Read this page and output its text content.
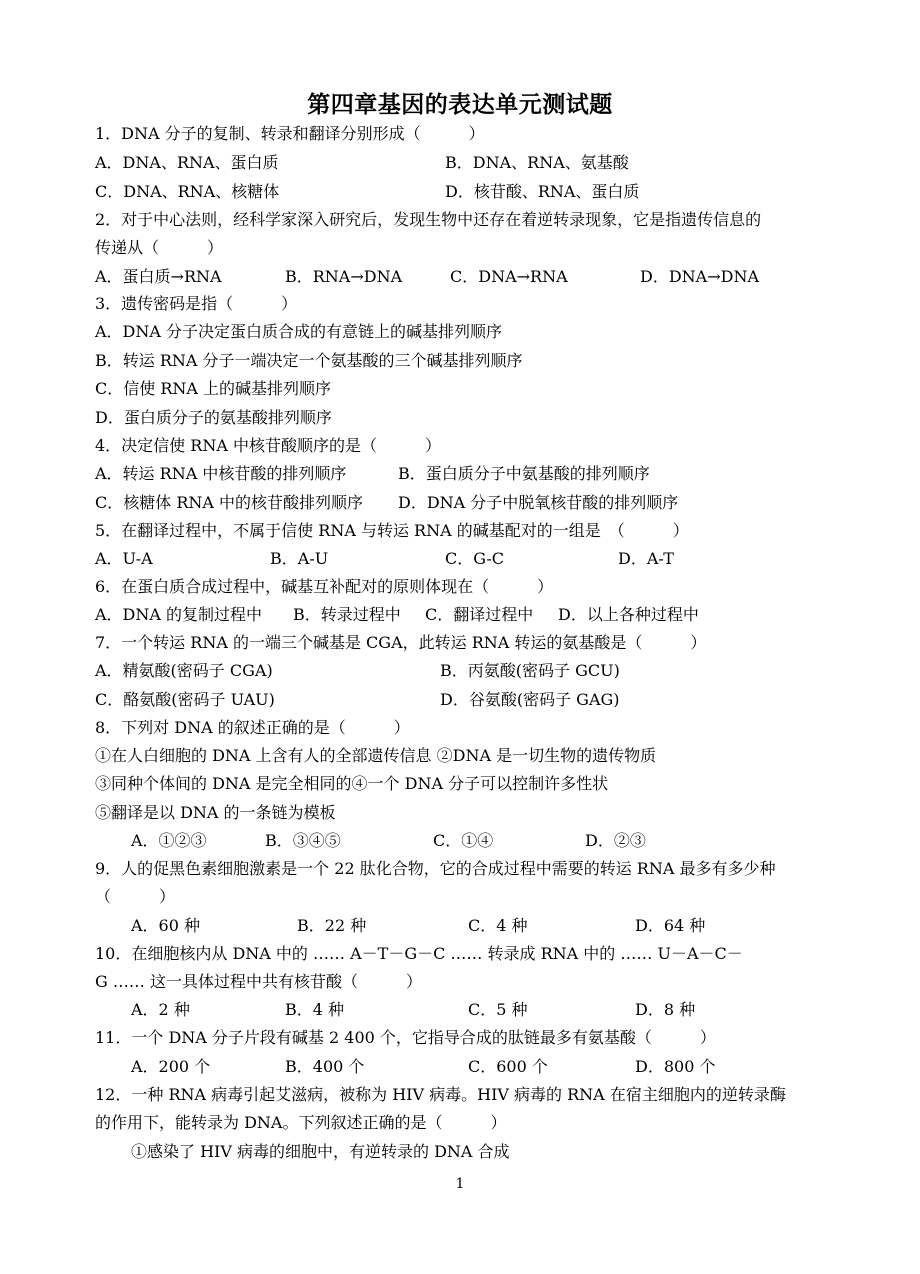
第四章基因的表达单元测试题
1．DNA 分子的复制、转录和翻译分别形成（　　　）
A．DNA、RNA、蛋白质	B．DNA、RNA、氨基酸
C．DNA、RNA、核糖体	D．核苷酸、RNA、蛋白质
2．对于中心法则，经科学家深入研究后，发现生物中还存在着逆转录现象，它是指遗传信息的
传递从（　　　）
A．蛋白质→RNA	B．RNA→DNA	C．DNA→RNA	D．DNA→DNA
3．遗传密码是指（　　　）
A．DNA 分子决定蛋白质合成的有意链上的碱基排列顺序
B．转运 RNA 分子一端决定一个氨基酸的三个碱基排列顺序
C．信使 RNA 上的碱基排列顺序
D．蛋白质分子的氨基酸排列顺序
4．决定信使 RNA 中核苷酸顺序的是（　　　）
A．转运 RNA 中核苷酸的排列顺序	B．蛋白质分子中氨基酸的排列顺序
C．核糖体 RNA 中的核苷酸排列顺序 D．DNA 分子中脱氧核苷酸的排列顺序
5．在翻译过程中，不属于信使 RNA 与转运 RNA 的碱基配对的一组是　（　　　）
A．U-A	B．A-U	C．G-C	D．A-T
6．在蛋白质合成过程中，碱基互补配对的原则体现在（　　　）
A．DNA 的复制过程中 B．转录过程中 C．翻译过程中 D．以上各种过程中
7．一个转运 RNA 的一端三个碱基是 CGA，此转运 RNA 转运的氨基酸是（　　　）
A．精氨酸(密码子 CGA)	B．丙氨酸(密码子 GCU)
C．酪氨酸(密码子 UAU)	D．谷氨酸(密码子 GAG)
8．下列对 DNA 的叙述正确的是（　　　）
①在人白细胞的 DNA 上含有人的全部遗传信息 ②DNA 是一切生物的遗传物质
③同种个体间的 DNA 是完全相同的④一个 DNA 分子可以控制许多性状
⑤翻译是以 DNA 的一条链为模板
A．①②③	B．③④⑤	C．①④	D．②③
9．人的促黑色素细胞激素是一个 22 肽化合物，它的合成过程中需要的转运 RNA 最多有多少种
（　　　）
A．60 种	B．22 种	C．4 种	D．64 种
10．在细胞核内从 DNA 中的 …… A－T－G－C …… 转录成 RNA 中的 …… U－A－C－
G …… 这一具体过程中共有核苷酸（　　　）
A．2 种	B．4 种	C．5 种	D．8 种
11．一个 DNA 分子片段有碱基 2 400 个，它指导合成的肽链最多有氨基酸（　　　）
A．200 个	B．400 个	C．600 个	D．800 个
12．一种 RNA 病毒引起艾滋病，被称为 HIV 病毒。HIV 病毒的 RNA 在宿主细胞内的逆转录酶
的作用下，能转录为 DNA。下列叙述正确的是（　　　）
①感染了 HIV 病毒的细胞中，有逆转录的 DNA 合成
1
